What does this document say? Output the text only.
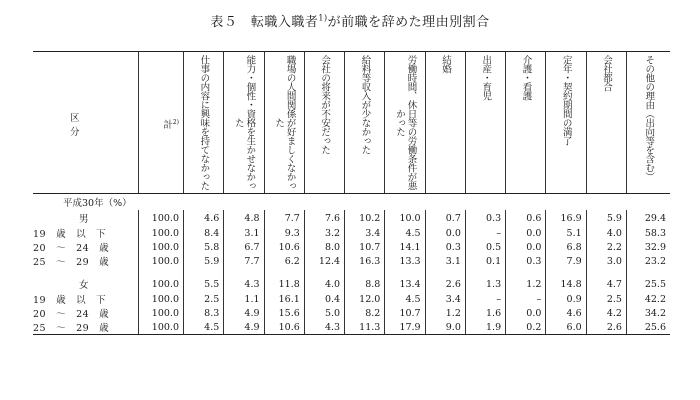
表５　転職入職者$^{1)}$が前職を辞めた理由別割合
区　　分	計$^{2)}$	仕事の内容に興味を持てなかった	能力・個性・資格を生かせなかった	職場の人間関係が好ましくなかった	会社の将来が不安だった	給料等収入が少なかった	労働時間、休日等の労働条件が悪かった	結婚	出産・育児	介護・看護	定年・契約期間の満了	会社都合	その他の理由（出向等を含む）
平成30年（%）													
男	100.0	4.6	4.8	7.7	7.6	10.2	10.0	0.7	0.3	0.6	16.9	5.9	29.4
19　歳　以　下	100.0	8.4	3.1	9.3	3.2	3.4	4.5	0.0	–	0.0	5.1	4.0	58.3
20　～　24　歳	100.0	5.8	6.7	10.6	8.0	10.7	14.1	0.3	0.5	0.0	6.8	2.2	32.9
25　～　29　歳	100.0	5.9	7.7	6.2	12.4	16.3	13.3	3.1	0.1	0.3	7.9	3.0	23.2

女	100.0	5.5	4.3	11.8	4.0	8.8	13.4	2.6	1.3	1.2	14.8	4.7	25.5
19　歳　以　下	100.0	2.5	1.1	16.1	0.4	12.0	4.5	3.4	–	–	0.9	2.5	42.2
20　～　24　歳	100.0	8.3	4.9	15.6	5.0	8.2	10.7	1.2	1.6	0.0	4.6	4.2	34.2
25　～　29　歳	100.0	4.5	4.9	10.6	4.3	11.3	17.9	9.0	1.9	0.2	6.0	2.6	25.6
